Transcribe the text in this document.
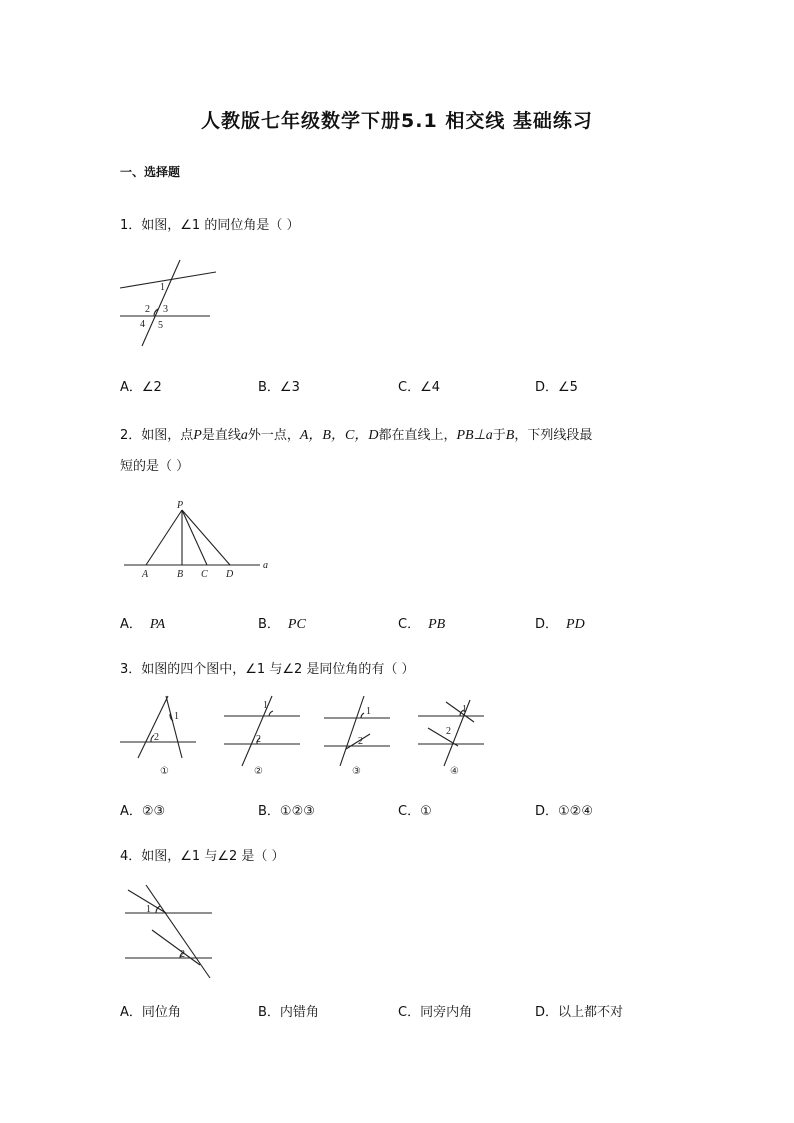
人教版七年级数学下册5.1 相交线 基础练习
一、选择题
1．如图，∠1 的同位角是（ ）
1
2 3
4 5
A．∠2	B．∠3	C．∠4	D．∠5
2．如图，点P是直线a外一点，A，B，C，D都在直线上，PB⊥a于B，下列线段最
短的是（ ）
P
A	B C D
a
A． PA	B． PC	C． PB	D． PD
3．如图的四个图中，∠1 与∠2 是同位角的有（ ）
1
2
①
1
2
②
1
2
③
1
2
④
A．②③	B．①②③	C．①	D．①②④
4．如图，∠1 与∠2 是（ ）
1
2
A．同位角	B．内错角	C．同旁内角	D．以上都不对
